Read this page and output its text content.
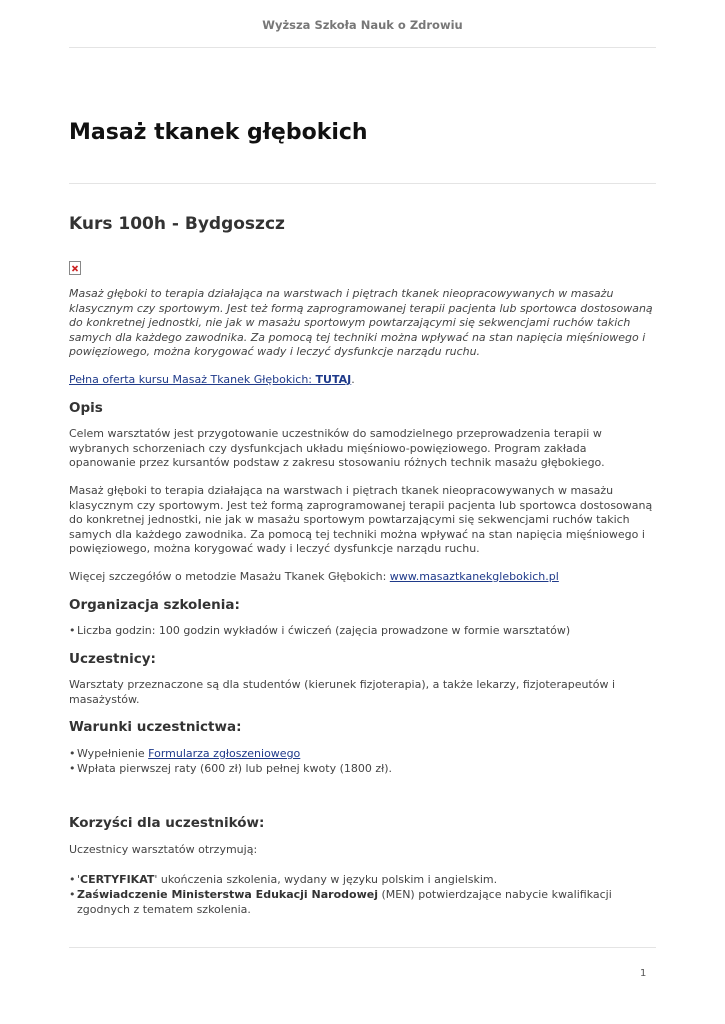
Wyższa Szkoła Nauk o Zdrowiu
Masaż tkanek głębokich
Kurs 100h - Bydgoszcz

Masaż głęboki to terapia działająca na warstwach i piętrach tkanek nieopracowywanych w masażu klasycznym czy sportowym. Jest też formą zaprogramowanej terapii pacjenta lub sportowca dostosowaną do konkretnej jednostki, nie jak w masażu sportowym powtarzającymi się sekwencjami ruchów takich samych dla każdego zawodnika. Za pomocą tej techniki można wpływać na stan napięcia mięśniowego i powięziowego, można korygować wady i leczyć dysfunkcje narządu ruchu.

Pełna oferta kursu Masaż Tkanek Głębokich: TUTAJ.

Opis

Celem warsztatów jest przygotowanie uczestników do samodzielnego przeprowadzenia terapii w wybranych schorzeniach czy dysfunkcjach układu mięśniowo-powięziowego. Program zakłada opanowanie przez kursantów podstaw z zakresu stosowaniu różnych technik masażu głębokiego.

Masaż głęboki to terapia działająca na warstwach i piętrach tkanek nieopracowywanych w masażu klasycznym czy sportowym. Jest też formą zaprogramowanej terapii pacjenta lub sportowca dostosowaną do konkretnej jednostki, nie jak w masażu sportowym powtarzającymi się sekwencjami ruchów takich samych dla każdego zawodnika. Za pomocą tej techniki można wpływać na stan napięcia mięśniowego i powięziowego, można korygować wady i leczyć dysfunkcje narządu ruchu.

Więcej szczegółów o metodzie Masażu Tkanek Głębokich: www.masaztkanekglebokich.pl

Organizacja szkolenia:
• Liczba godzin: 100 godzin wykładów i ćwiczeń (zajęcia prowadzone w formie warsztatów)
Uczestnicy:

Warsztaty przeznaczone są dla studentów (kierunek fizjoterapia), a także lekarzy, fizjoterapeutów i masażystów.

Warunki uczestnictwa:
• Wypełnienie Formularza zgłoszeniowego
• Wpłata pierwszej raty (600 zł) lub pełnej kwoty (1800 zł).
Korzyści dla uczestników:

Uczestnicy warsztatów otrzymują:

• 'CERTYFIKAT' ukończenia szkolenia, wydany w języku polskim i angielskim.
• Zaświadczenie Ministerstwa Edukacji Narodowej (MEN) potwierdzające nabycie kwalifikacji zgodnych z tematem szkolenia.
1
